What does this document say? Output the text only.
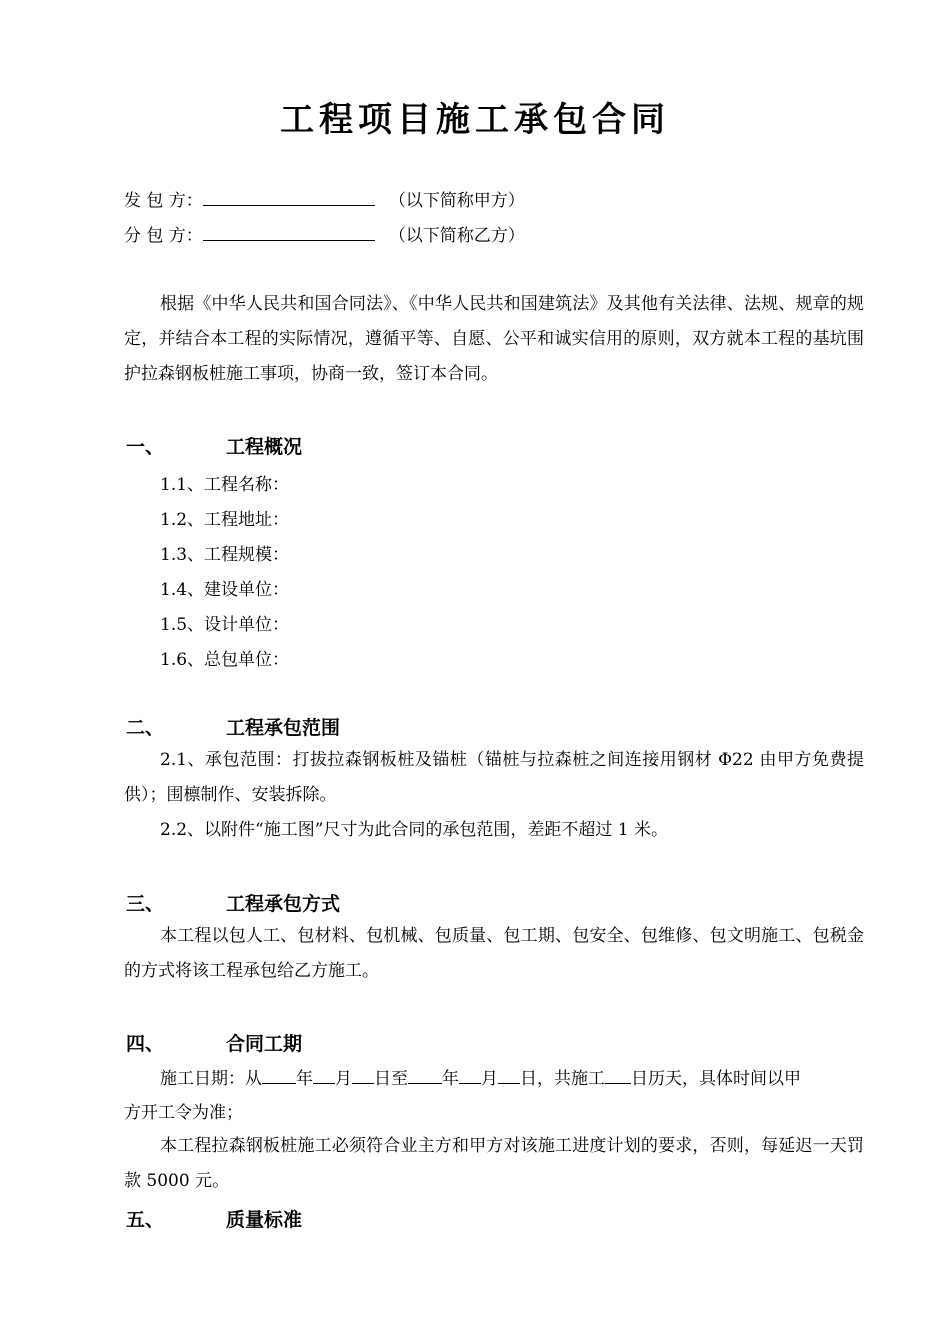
工程项目施工承包合同
发 包 方：	（以下简称甲方）
分 包 方：	（以下简称乙方）
根据《中华人民共和国合同法》、《中华人民共和国建筑法》及其他有关法律、法规、规章的规定，并结合本工程的实际情况，遵循平等、自愿、公平和诚实信用的原则，双方就本工程的基坑围护拉森钢板桩施工事项，协商一致，签订本合同。
一、	工程概况
1.1、工程名称：
1.2、工程地址：
1.3、工程规模：
1.4、建设单位：
1.5、设计单位：
1.6、总包单位：
二、	工程承包范围
2.1、承包范围：打拔拉森钢板桩及锚桩（锚桩与拉森桩之间连接用钢材 Φ22 由甲方免费提供）；围檩制作、安装拆除。
2.2、以附件“施工图”尺寸为此合同的承包范围，差距不超过 1 米。
三、	工程承包方式
本工程以包人工、包材料、包机械、包质量、包工期、包安全、包维修、包文明施工、包税金的方式将该工程承包给乙方施工。
四、	合同工期
施工日期：从 年 月 日至 年 月 日，共施工 日历天，具体时间以甲
方开工令为准；
本工程拉森钢板桩施工必须符合业主方和甲方对该施工进度计划的要求，否则，每延迟一天罚款 5000 元。
五、	质量标准
